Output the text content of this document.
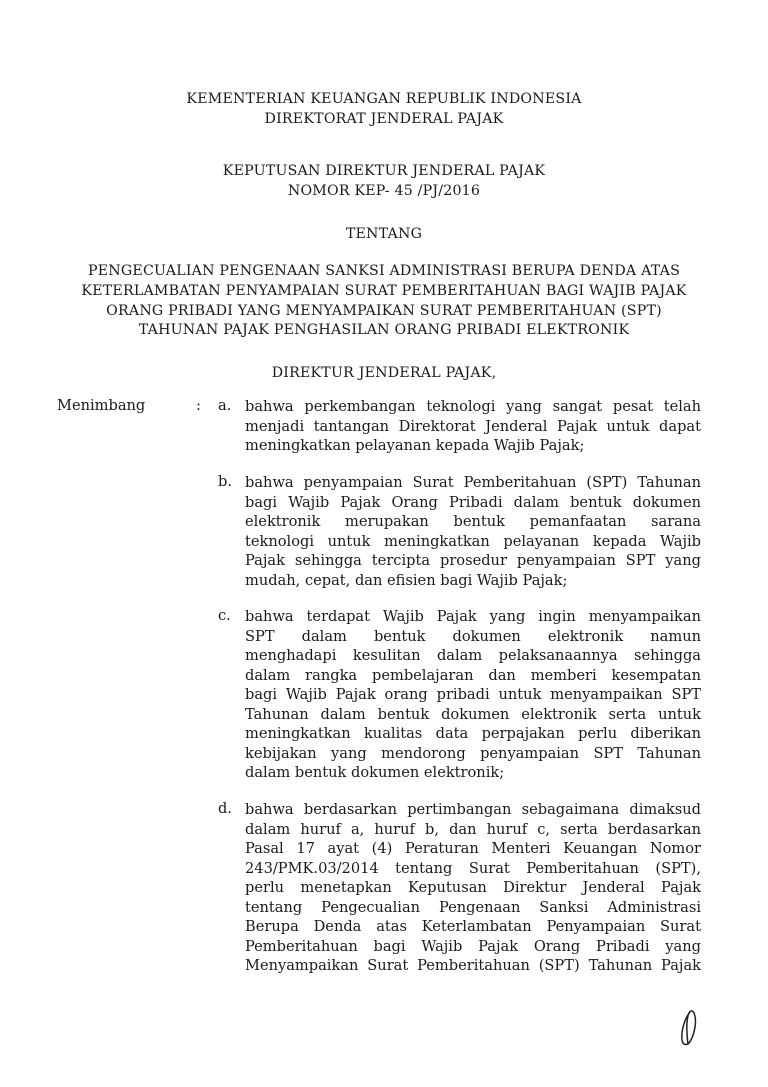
KEMENTERIAN KEUANGAN REPUBLIK INDONESIA
DIREKTORAT JENDERAL PAJAK
KEPUTUSAN DIREKTUR JENDERAL PAJAK
NOMOR KEP- 45 /PJ/2016
TENTANG
PENGECUALIAN PENGENAAN SANKSI ADMINISTRASI BERUPA DENDA ATAS
KETERLAMBATAN PENYAMPAIAN SURAT PEMBERITAHUAN BAGI WAJIB PAJAK
ORANG PRIBADI YANG MENYAMPAIKAN SURAT PEMBERITAHUAN (SPT)
TAHUNAN PAJAK PENGHASILAN ORANG PRIBADI ELEKTRONIK
DIREKTUR JENDERAL PAJAK,
Menimbang	: a. bahwa perkembangan teknologi yang sangat pesat telah
menjadi tantangan Direktorat Jenderal Pajak untuk dapat
meningkatkan pelayanan kepada Wajib Pajak;
b. bahwa penyampaian Surat Pemberitahuan (SPT) Tahunan
bagi Wajib Pajak Orang Pribadi dalam bentuk dokumen
elektronik merupakan bentuk pemanfaatan sarana
teknologi untuk meningkatkan pelayanan kepada Wajib
Pajak sehingga tercipta prosedur penyampaian SPT yang
mudah, cepat, dan efisien bagi Wajib Pajak;
c. bahwa terdapat Wajib Pajak yang ingin menyampaikan
SPT dalam bentuk dokumen elektronik namun
menghadapi kesulitan dalam pelaksanaannya sehingga
dalam rangka pembelajaran dan memberi kesempatan
bagi Wajib Pajak orang pribadi untuk menyampaikan SPT
Tahunan dalam bentuk dokumen elektronik serta untuk
meningkatkan kualitas data perpajakan perlu diberikan
kebijakan yang mendorong penyampaian SPT Tahunan
dalam bentuk dokumen elektronik;
d. bahwa berdasarkan pertimbangan sebagaimana dimaksud
dalam huruf a, huruf b, dan huruf c, serta berdasarkan
Pasal 17 ayat (4) Peraturan Menteri Keuangan Nomor
243/PMK.03/2014 tentang Surat Pemberitahuan (SPT),
perlu menetapkan Keputusan Direktur Jenderal Pajak
tentang Pengecualian Pengenaan Sanksi Administrasi
Berupa Denda atas Keterlambatan Penyampaian Surat
Pemberitahuan bagi Wajib Pajak Orang Pribadi yang
Menyampaikan Surat Pemberitahuan (SPT) Tahunan Pajak
